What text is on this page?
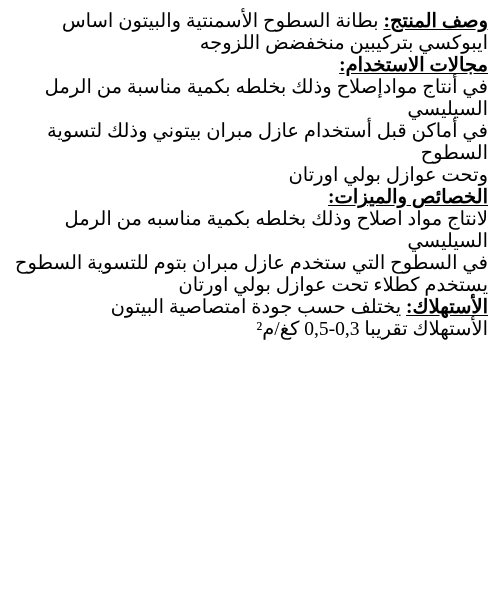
وصف المنتج: بطانة السطوح الأسمنتية والبيتون اساس
ايبوكسي بتركيبين منخفضض اللزوجه
مجالات الاستخدام:
في أنتاج موادإصلاح وذلك بخلطه بكمية مناسبة من الرمل
السيليسي
في أماكن قبل أستخدام عازل مبران بيتوني وذلك لتسوية
السطوح
وتحت عوازل بولي اورتان
الخصائص والميزات:
لانتاج مواد اصلاح وذلك بخلطه بكمية مناسبه من الرمل
السيليسي
في السطوح التي ستخدم عازل مبران بتوم للتسوية السطوح
يستخدم كطلاء تحت عوازل بولي اورتان
الأستهلاك: يختلف حسب جودة امتصاصية البيتون
الأستهلاك تقريبا 0,3-0,5 كغ/م²
